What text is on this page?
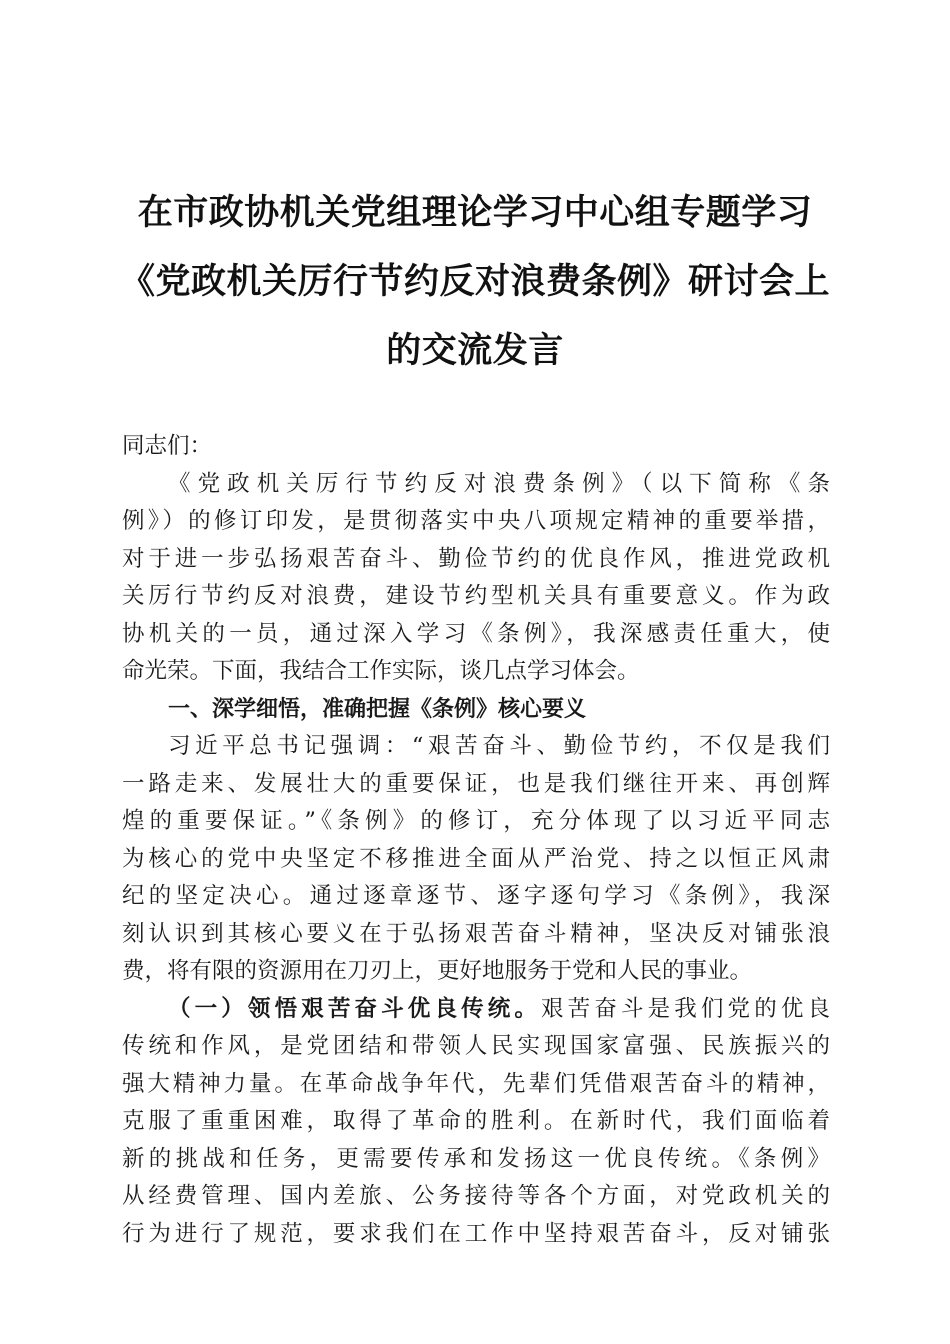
在市政协机关党组理论学习中心组专题学习
《党政机关厉行节约反对浪费条例》研讨会上
的交流发言
同志们：
《党政机关厉行节约反对浪费条例》（以下简称《条
例》）的修订印发，是贯彻落实中央八项规定精神的重要举措，
对于进一步弘扬艰苦奋斗、勤俭节约的优良作风，推进党政机
关厉行节约反对浪费，建设节约型机关具有重要意义。作为政
协机关的一员，通过深入学习《条例》，我深感责任重大，使
命光荣。下面，我结合工作实际，谈几点学习体会。
一、深学细悟，准确把握《条例》核心要义
习近平总书记强调：“艰苦奋斗、勤俭节约，不仅是我们
一路走来、发展壮大的重要保证，也是我们继往开来、再创辉
煌的重要保证。”《条例》的修订，充分体现了以习近平同志
为核心的党中央坚定不移推进全面从严治党、持之以恒正风肃
纪的坚定决心。通过逐章逐节、逐字逐句学习《条例》，我深
刻认识到其核心要义在于弘扬艰苦奋斗精神，坚决反对铺张浪
费，将有限的资源用在刀刃上，更好地服务于党和人民的事业。
（一）领悟艰苦奋斗优良传统。艰苦奋斗是我们党的优良
传统和作风，是党团结和带领人民实现国家富强、民族振兴的
强大精神力量。在革命战争年代，先辈们凭借艰苦奋斗的精神，
克服了重重困难，取得了革命的胜利。在新时代，我们面临着
新的挑战和任务，更需要传承和发扬这一优良传统。《条例》
从经费管理、国内差旅、公务接待等各个方面，对党政机关的
行为进行了规范，要求我们在工作中坚持艰苦奋斗，反对铺张
